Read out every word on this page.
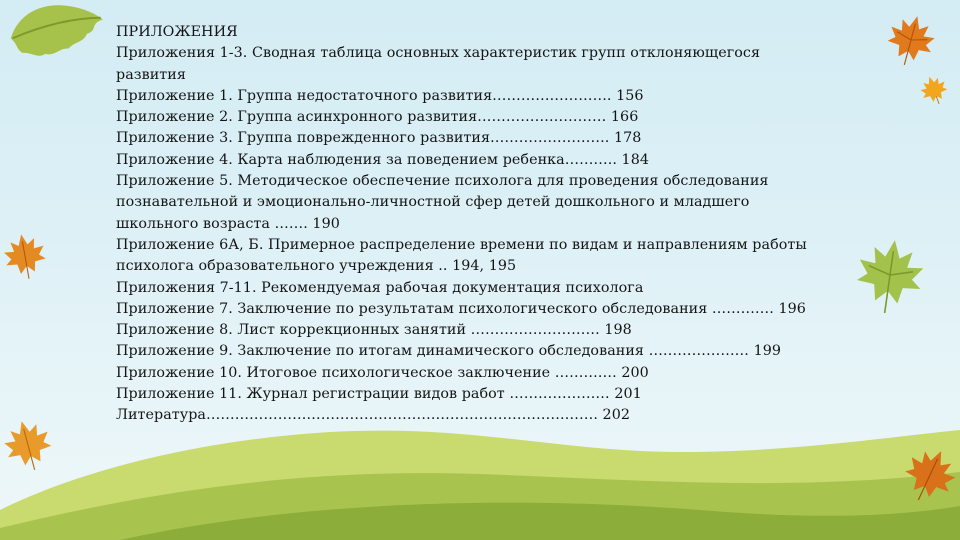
ПРИЛОЖЕНИЯ
Приложения 1-3. Сводная таблица основных характеристик групп отклоняющегося
развития
Приложение 1. Группа недостаточного развития……………………. 156
Приложение 2. Группа асинхронного развития……………………… 166
Приложение 3. Группа поврежденного развития……………………. 178
Приложение 4. Карта наблюдения за поведением ребенка……….. 184
Приложение 5. Методическое обеспечение психолога для проведения обследования
познавательной и эмоционально-личностной сфер детей дошкольного и младшего
школьного возраста ……. 190
Приложение 6А, Б. Примерное распределение времени по видам и направлениям работы
психолога образовательного учреждения .. 194, 195
Приложения 7-11. Рекомендуемая рабочая документация психолога
Приложение 7. Заключение по результатам психологического обследования …………. 196
Приложение 8. Лист коррекционных занятий ……………………… 198
Приложение 9. Заключение по итогам динамического обследования ………………… 199
Приложение 10. Итоговое психологическое заключение …………. 200
Приложение 11. Журнал регистрации видов работ ………………… 201
Литература………………………………………………………………………. 202
